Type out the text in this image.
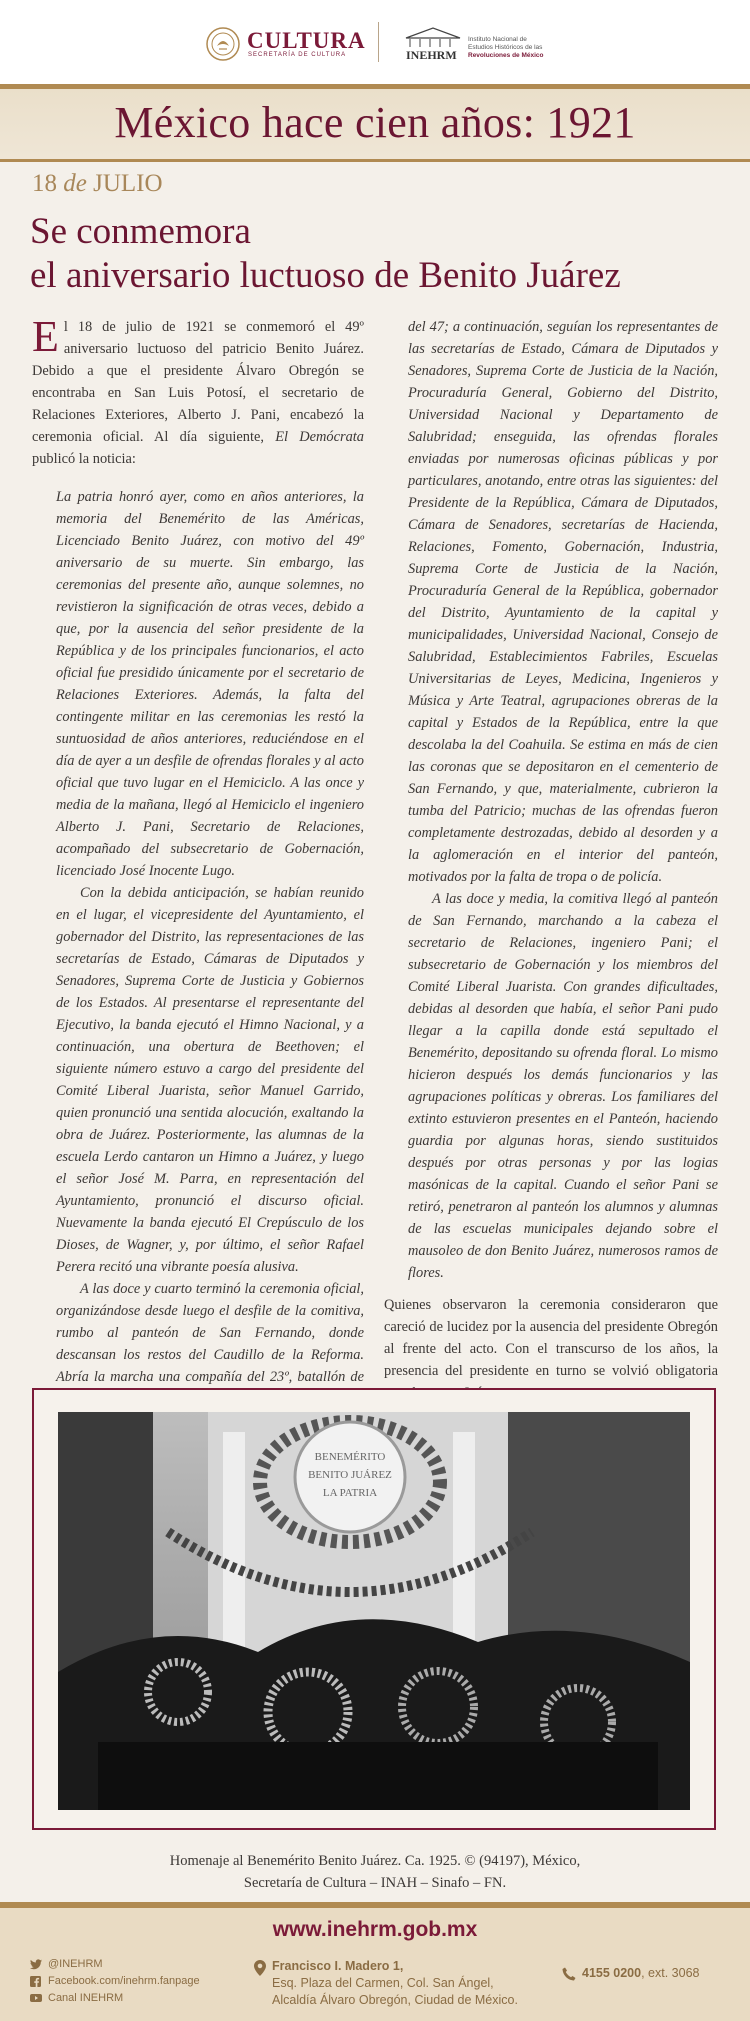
CULTURA
SECRETARÍA DE CULTURA	INEHRM
Instituto Nacional de
Estudios Históricos de las
Revoluciones de México
México hace cien años: 1921
18 de JULIO
Se conmemora
el aniversario luctuoso de Benito Juárez

El 18 de julio de 1921 se conmemoró el 49º aniversario luctuoso del patricio Benito Juárez. Debido a que el presidente Álvaro Obregón se encontraba en San Luis Potosí, el secretario de Relaciones Exteriores, Alberto J. Pani, encabezó la ceremonia oficial. Al día siguiente, El Demócrata publicó la noticia:

La patria honró ayer, como en años anteriores, la memoria del Benemérito de las Américas, Licenciado Benito Juárez, con motivo del 49º aniversario de su muerte. Sin embargo, las ceremonias del presente año, aunque solemnes, no revistieron la significación de otras veces, debido a que, por la ausencia del señor presidente de la República y de los principales funcionarios, el acto oficial fue presidido únicamente por el secretario de Relaciones Exteriores. Además, la falta del contingente militar en las ceremonias les restó la suntuosidad de años anteriores, reduciéndose en el día de ayer a un desfile de ofrendas florales y al acto oficial que tuvo lugar en el Hemiciclo. A las once y media de la mañana, llegó al Hemiciclo el ingeniero Alberto J. Pani, Secretario de Relaciones, acompañado del subsecretario de Gobernación, licenciado José Inocente Lugo.

Con la debida anticipación, se habían reunido en el lugar, el vicepresidente del Ayuntamiento, el gobernador del Distrito, las representaciones de las secretarías de Estado, Cámaras de Diputados y Senadores, Suprema Corte de Justicia y Gobiernos de los Estados. Al presentarse el representante del Ejecutivo, la banda ejecutó el Himno Nacional, y a continuación, una obertura de Beethoven; el siguiente número estuvo a cargo del presidente del Comité Liberal Juarista, señor Manuel Garrido, quien pronunció una sentida alocución, exaltando la obra de Juárez. Posteriormente, las alumnas de la escuela Lerdo cantaron un Himno a Juárez, y luego el señor José M. Parra, en representación del Ayuntamiento, pronunció el discurso oficial. Nuevamente la banda ejecutó El Crepúsculo de los Dioses, de Wagner, y, por último, el señor Rafael Perera recitó una vibrante poesía alusiva.

A las doce y cuarto terminó la ceremonia oficial, organizándose desde luego el desfile de la comitiva, rumbo al panteón de San Fernando, donde descansan los restos del Caudillo de la Reforma. Abría la marcha una compañía del 23º, batallón de

del 47; a continuación, seguían los representantes de las secretarías de Estado, Cámara de Diputados y Senadores, Suprema Corte de Justicia de la Nación, Procuraduría General, Gobierno del Distrito, Universidad Nacional y Departamento de Salubridad; enseguida, las ofrendas florales enviadas por numerosas oficinas públicas y por particulares, anotando, entre otras las siguientes: del Presidente de la República, Cámara de Diputados, Cámara de Senadores, secretarías de Hacienda, Relaciones, Fomento, Gobernación, Industria, Suprema Corte de Justicia de la Nación, Procuraduría General de la República, gobernador del Distrito, Ayuntamiento de la capital y municipalidades, Universidad Nacional, Consejo de Salubridad, Establecimientos Fabriles, Escuelas Universitarias de Leyes, Medicina, Ingenieros y Música y Arte Teatral, agrupaciones obreras de la capital y Estados de la República, entre la que descolaba la del Coahuila. Se estima en más de cien las coronas que se depositaron en el cementerio de San Fernando, y que, materialmente, cubrieron la tumba del Patricio; muchas de las ofrendas fueron completamente destrozadas, debido al desorden y a la aglomeración en el interior del panteón, motivados por la falta de tropa o de policía.

A las doce y media, la comitiva llegó al panteón de San Fernando, marchando a la cabeza el secretario de Relaciones, ingeniero Pani; el subsecretario de Gobernación y los miembros del Comité Liberal Juarista. Con grandes dificultades, debidas al desorden que había, el señor Pani pudo llegar a la capilla donde está sepultado el Benemérito, depositando su ofrenda floral. Lo mismo hicieron después los demás funcionarios y las agrupaciones políticas y obreras. Los familiares del extinto estuvieron presentes en el Panteón, haciendo guardia por algunas horas, siendo sustituidos después por otras personas y por las logias masónicas de la capital. Cuando el señor Pani se retiró, penetraron al panteón los alumnos y alumnas de las escuelas municipales dejando sobre el mausoleo de don Benito Juárez, numerosos ramos de flores.

Quienes observaron la ceremonia consideraron que careció de lucidez por la ausencia del presidente Obregón al frente del acto. Con el transcurso de los años, la presencia del presidente en turno se volvió obligatoria

BENEMÉRITO
BENITO JUÁREZ
LA PATRIA
Homenaje al Benemérito Benito Juárez. Ca. 1925. © (94197), México,
Secretaría de Cultura – INAH – Sinafo – FN.
www.inehrm.gob.mx
@INEHRM
Facebook.com/inehrm.fanpage
Canal INEHRM
Francisco I. Madero 1,
Esq. Plaza del Carmen, Col. San Ángel,
Alcaldía Álvaro Obregón, Ciudad de México.
4155 0200, ext. 3068
